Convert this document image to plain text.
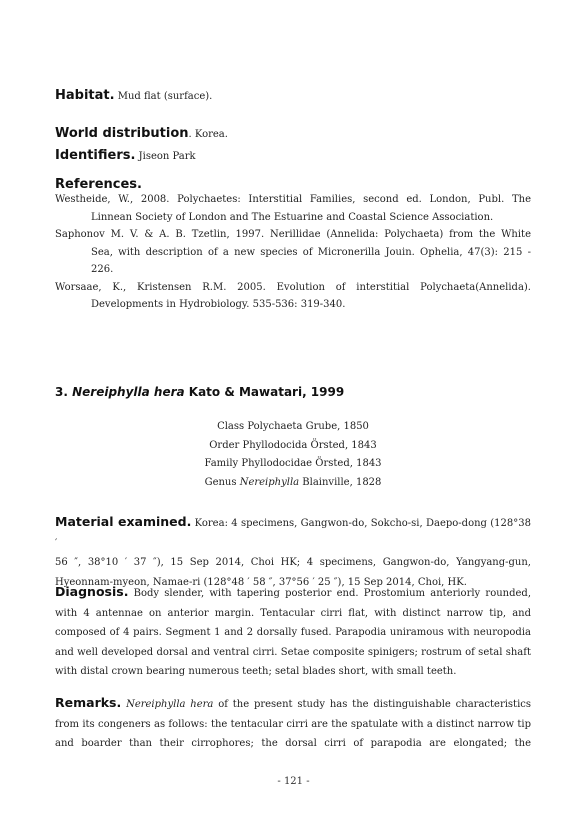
Habitat. Mud flat (surface).
World distribution. Korea.
Identifiers. Jiseon Park
References.
Westheide, W., 2008. Polychaetes: Interstitial Families, second ed. London, Publ. The
Linnean Society of London and The Estuarine and Coastal Science Association.
Saphonov M. V. & A. B. Tzetlin, 1997. Nerillidae (Annelida: Polychaeta) from the White
Sea, with description of a new species of Micronerilla Jouin. Ophelia, 47(3): 215 -
226.
Worsaae, K., Kristensen R.M. 2005. Evolution of interstitial Polychaeta(Annelida).
Developments in Hydrobiology. 535-536: 319-340.
3. Nereiphylla hera Kato & Mawatari, 1999
Class Polychaeta Grube, 1850
Order Phyllodocida Örsted, 1843
Family Phyllodocidae Örsted, 1843
Genus Nereiphylla Blainville, 1828
Material examined. Korea: 4 specimens, Gangwon-do, Sokcho-si, Daepo-dong (128°38 ′
56 ″, 38°10 ′ 37 ″), 15 Sep 2014, Choi HK; 4 specimens, Gangwon-do, Yangyang-gun,
Hyeonnam-myeon, Namae-ri (128°48 ′ 58 ″, 37°56 ′ 25 ″), 15 Sep 2014, Choi, HK.
Diagnosis. Body slender, with tapering posterior end. Prostomium anteriorly rounded, with 4 antennae on anterior margin. Tentacular cirri flat, with distinct narrow tip, and composed of 4 pairs. Segment 1 and 2 dorsally fused. Parapodia uniramous with neuropodia and well developed dorsal and ventral cirri. Setae composite spinigers; rostrum of setal shaft with distal crown bearing numerous teeth; setal blades short, with small teeth.
Remarks. Nereiphylla hera of the present study has the distinguishable characteristics from its congeners as follows: the tentacular cirri are the spatulate with a distinct narrow tip and boarder than their cirrophores; the dorsal cirri of parapodia are elongated; the
- 121 -
